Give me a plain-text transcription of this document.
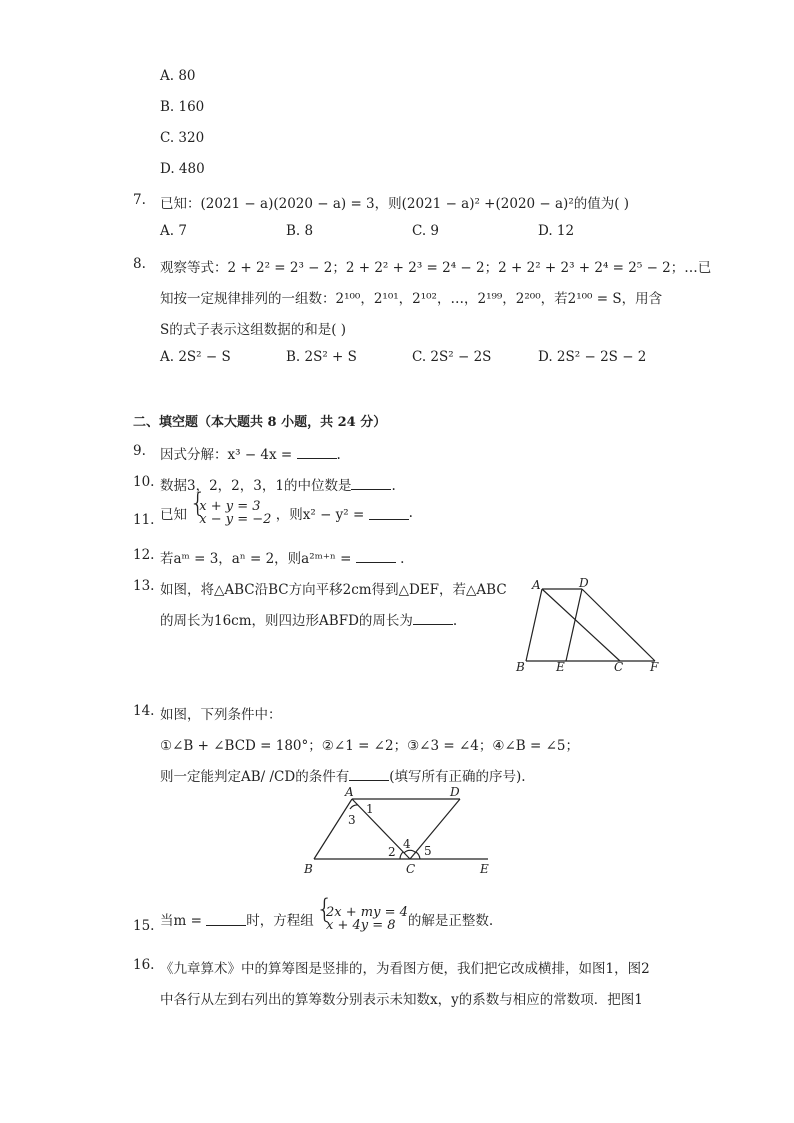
A. 80
B. 160
C. 320
D. 480
7. 已知：(2021 − a)(2020 − a) = 3，则(2021 − a)² +(2020 − a)²的值为( )
A. 7	B. 8	C. 9	D. 12
8. 观察等式：2 + 2² = 2³ − 2；2 + 2² + 2³ = 2⁴ − 2；2 + 2² + 2³ + 2⁴ = 2⁵ − 2；…已
知按一定规律排列的一组数：2¹⁰⁰，2¹⁰¹，2¹⁰²，…，2¹⁹⁹，2²⁰⁰，若2¹⁰⁰ = S，用含
S的式子表示这组数据的和是( )
A. 2S² − S	B. 2S² + S	C. 2S² − 2S	D. 2S² − 2S − 2
二、填空题（本大题共 8 小题，共 24 分）
9. 因式分解：x³ − 4x =	.
10. 数据3，2，2，3，1的中位数是	.
11. 已知
{ x + y = 3
x − y = −2 ，则x² − y² =	.
12. 若aᵐ = 3，aⁿ = 2，则a²ᵐ⁺ⁿ =	.
13. 如图，将△ABC沿BC方向平移2cm得到△DEF，若△ABC
的周长为16cm，则四边形ABFD的周长为	.
A	D
B	E	C F
14. 如图，下列条件中：
①∠B + ∠BCD = 180°；②∠1 = ∠2；③∠3 = ∠4；④∠B = ∠5；
则一定能判定AB/ /CD的条件有	(填写所有正确的序号).
A	D
1
3
4
2 5
B	C	E
15. 当m =	时，方程组
{ 2x + my = 4
x + 4y = 8 的解是正整数.
16. 《九章算术》中的算筹图是竖排的，为看图方便，我们把它改成横排，如图1，图2
中各行从左到右列出的算筹数分别表示未知数x，y的系数与相应的常数项．把图1
